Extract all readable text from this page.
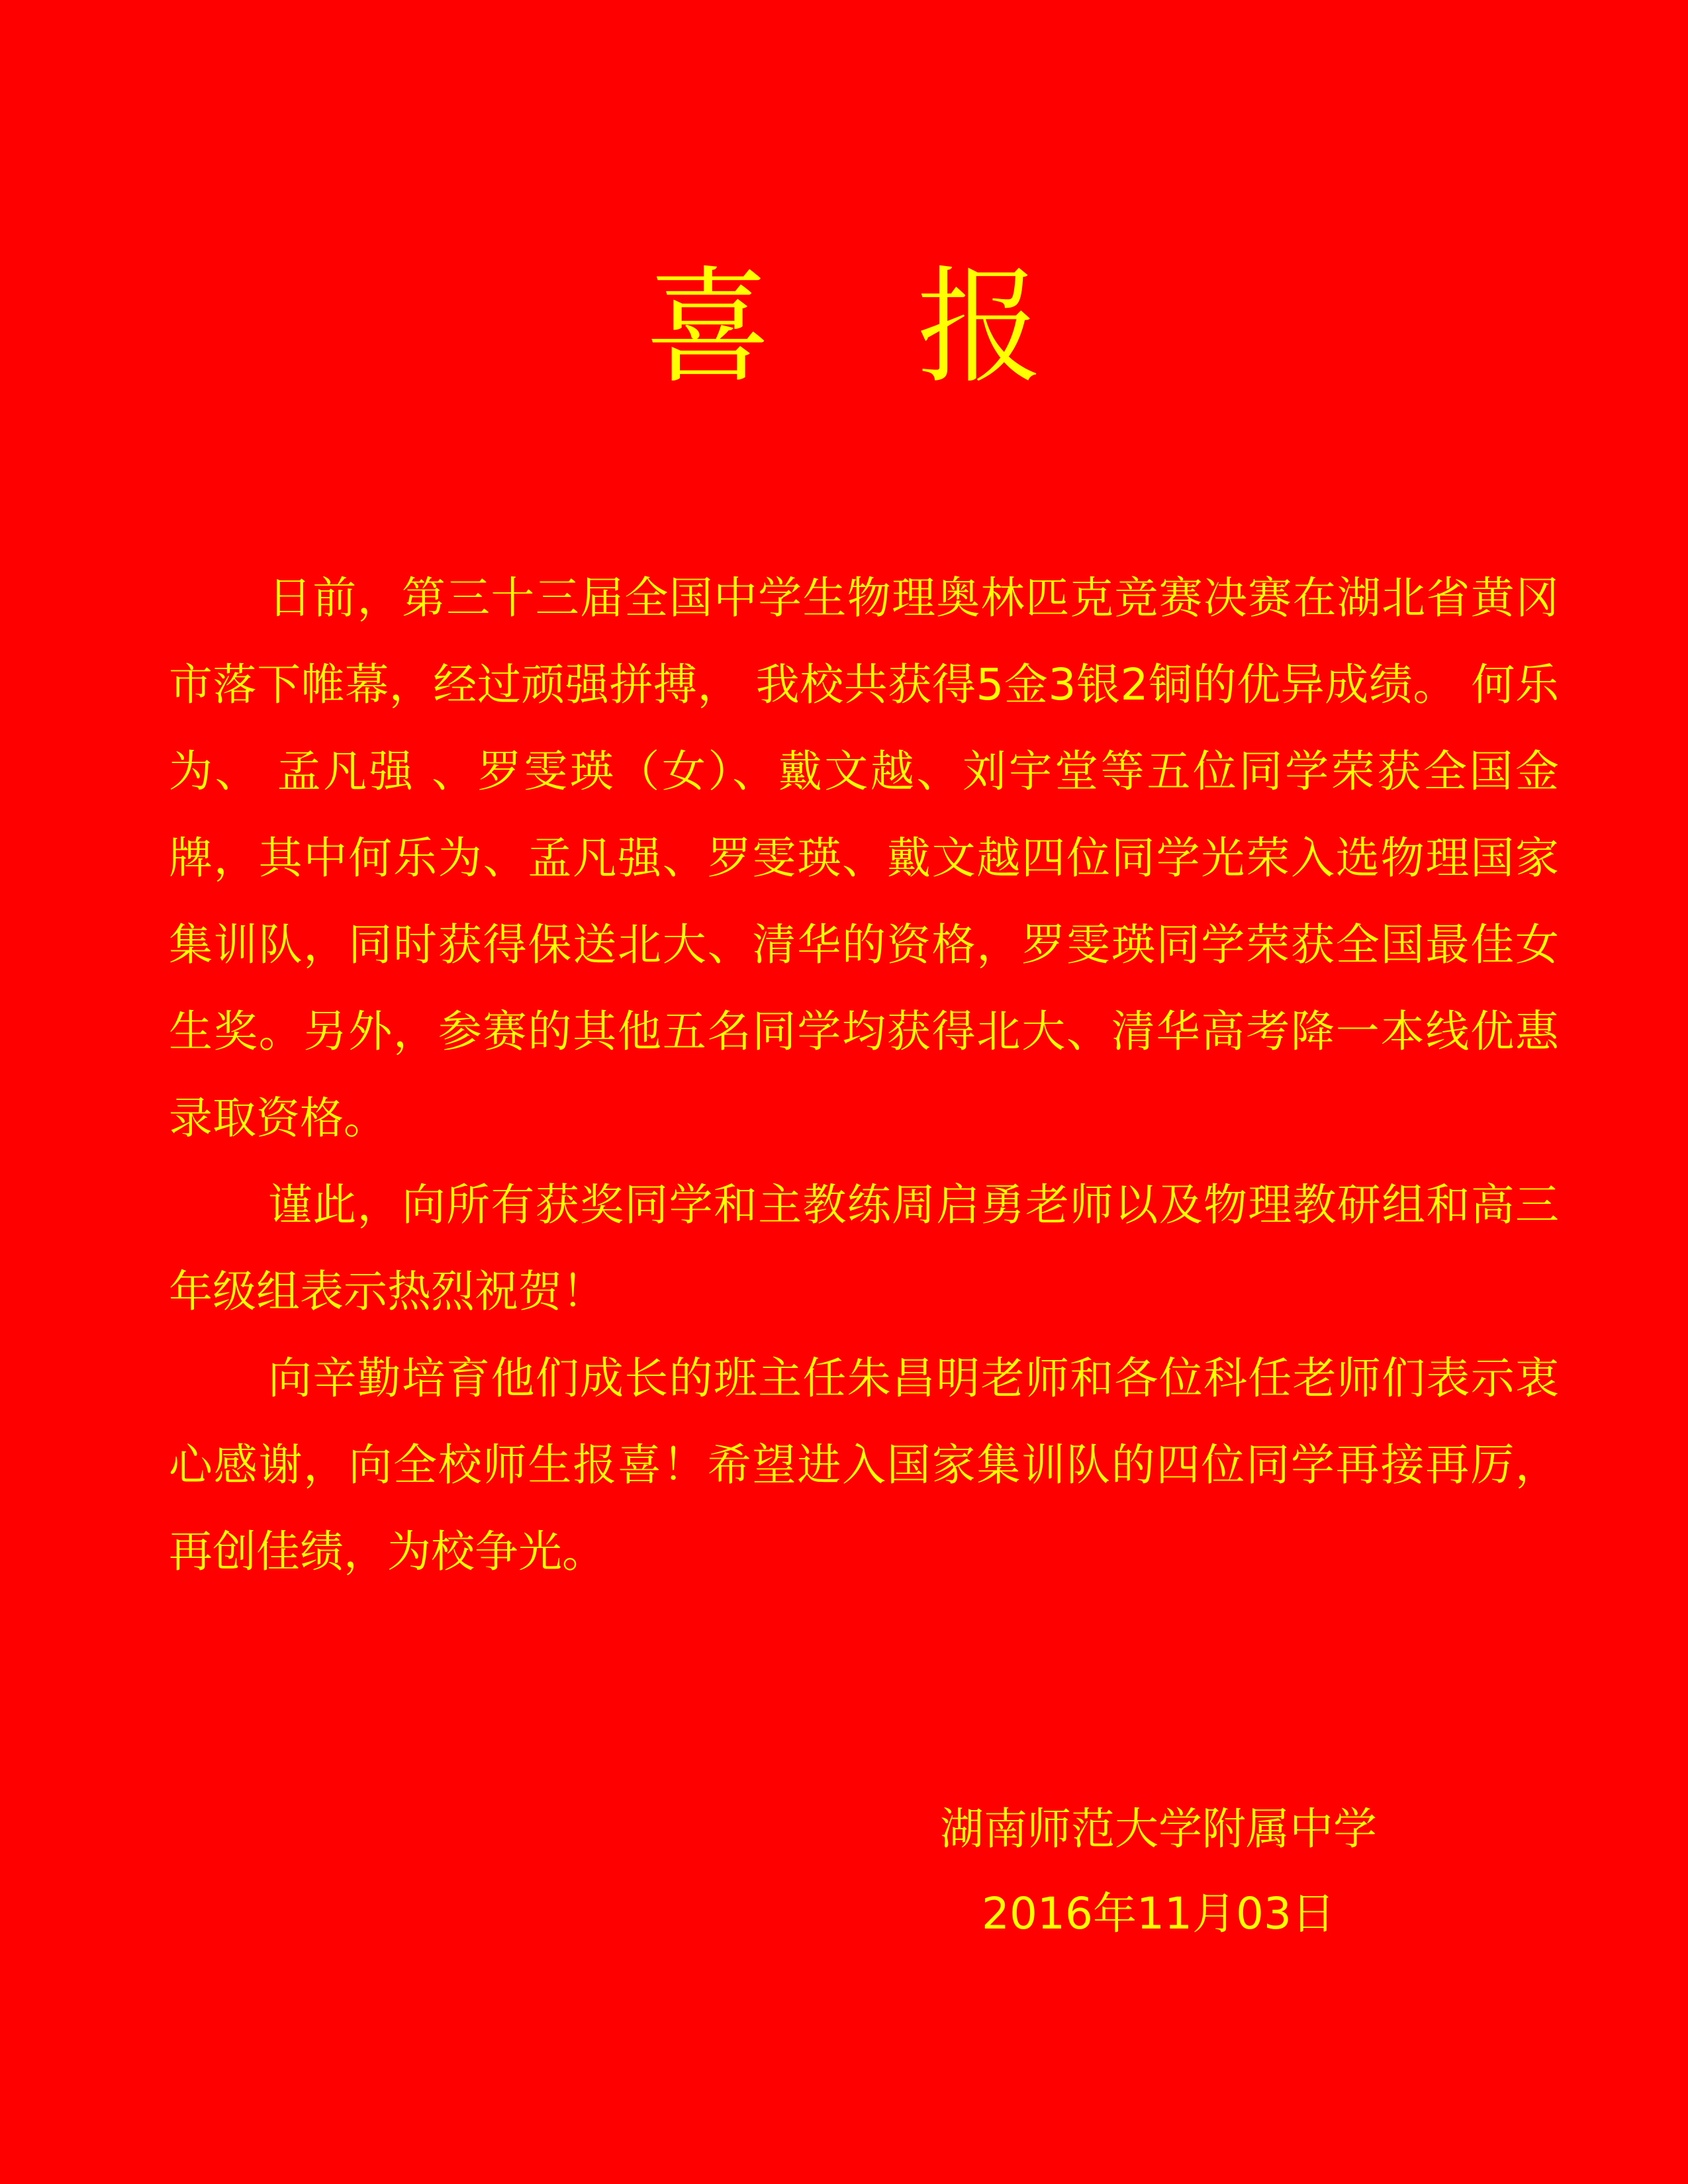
喜报

日前，第三十三届全国中学生物理奥林匹克竞赛决赛在湖北省黄冈市落下帷幕，经过顽强拼搏， 我校共获得5金3银2铜的优异成绩。 何乐为、 孟凡强 、罗雯瑛（女）、戴文越、刘宇堂等五位同学荣获全国金牌，其中何乐为、孟凡强、罗雯瑛、戴文越四位同学光荣入选物理国家集训队，同时获得保送北大、清华的资格，罗雯瑛同学荣获全国最佳女生奖。另外，参赛的其他五名同学均获得北大、清华高考降一本线优惠录取资格。

谨此，向所有获奖同学和主教练周启勇老师以及物理教研组和高三年级组表示热烈祝贺！

向辛勤培育他们成长的班主任朱昌明老师和各位科任老师们表示衷心感谢，向全校师生报喜！希望进入国家集训队的四位同学再接再厉，再创佳绩，为校争光。

湖南师范大学附属中学
2016年11月03日
